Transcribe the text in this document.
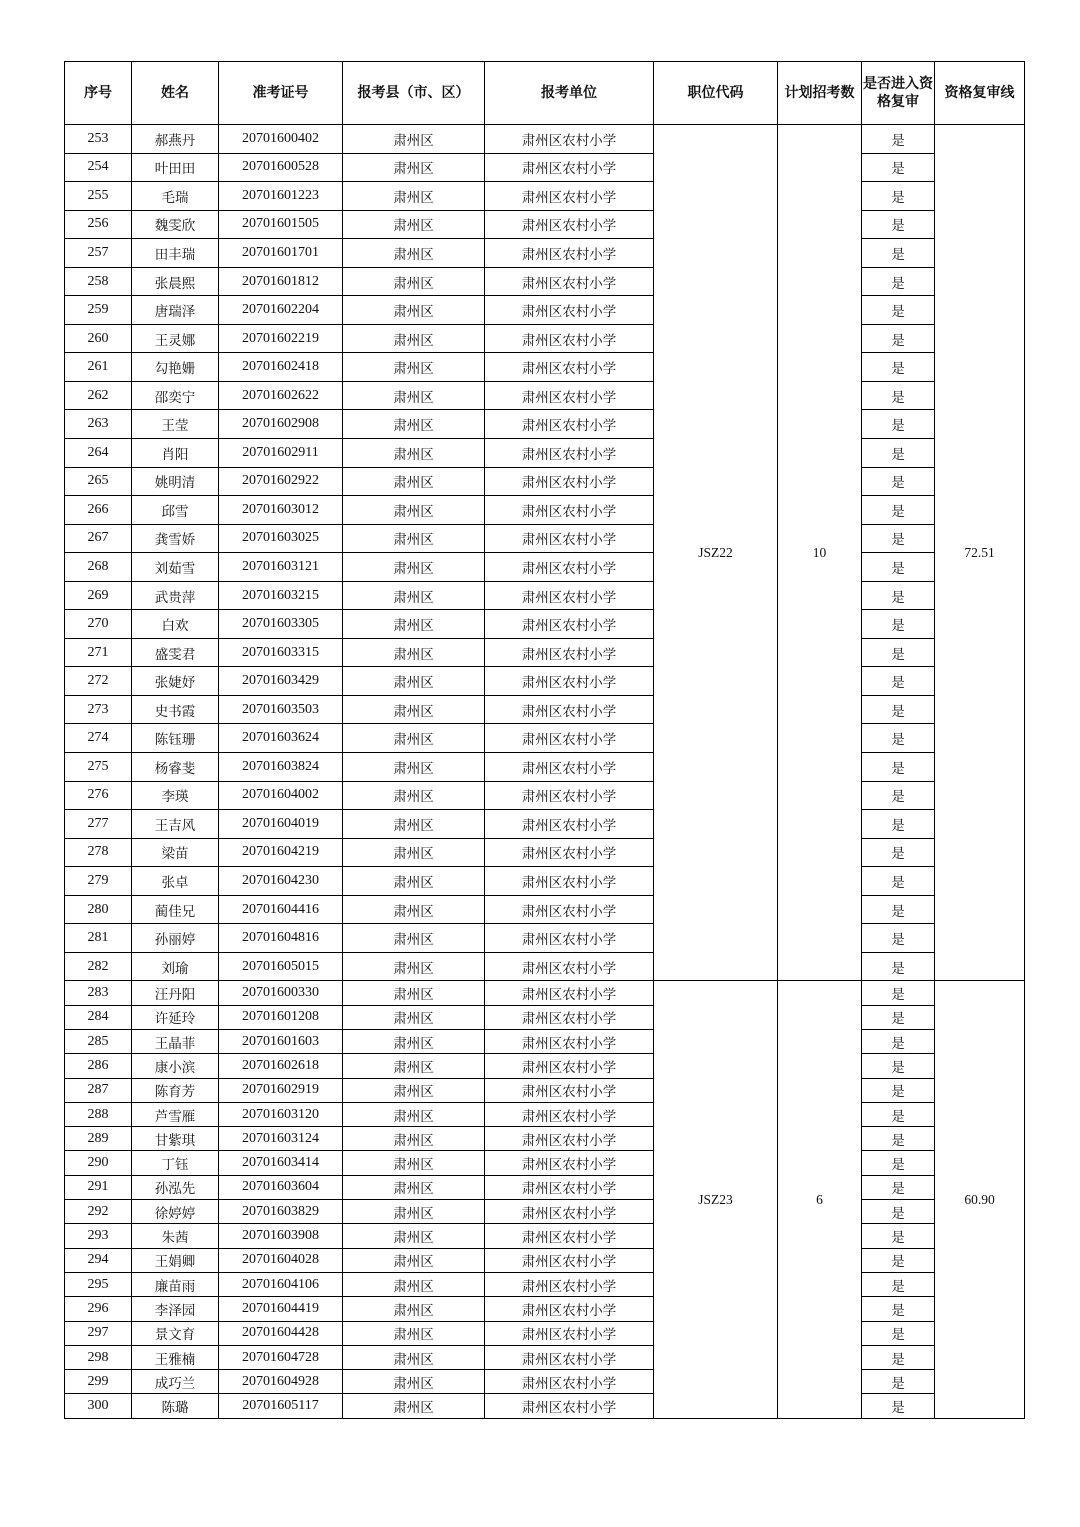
序号	姓名	准考证号	报考县（市、区）	报考单位	职位代码	计划招考数	是否进入资格复审	资格复审线
253	郝燕丹	20701600402	肃州区	肃州区农村小学	JSZ22	10	是	72.51
254	叶田田	20701600528	肃州区	肃州区农村小学			是	
255	毛瑞	20701601223	肃州区	肃州区农村小学			是	
256	魏雯欣	20701601505	肃州区	肃州区农村小学			是	
257	田丰瑞	20701601701	肃州区	肃州区农村小学			是	
258	张晨熙	20701601812	肃州区	肃州区农村小学			是	
259	唐瑞泽	20701602204	肃州区	肃州区农村小学			是	
260	王灵娜	20701602219	肃州区	肃州区农村小学			是	
261	勾艳姗	20701602418	肃州区	肃州区农村小学			是	
262	邵奕宁	20701602622	肃州区	肃州区农村小学			是	
263	王莹	20701602908	肃州区	肃州区农村小学			是	
264	肖阳	20701602911	肃州区	肃州区农村小学			是	
265	姚明清	20701602922	肃州区	肃州区农村小学			是	
266	邱雪	20701603012	肃州区	肃州区农村小学			是	
267	龚雪娇	20701603025	肃州区	肃州区农村小学			是	
268	刘茹雪	20701603121	肃州区	肃州区农村小学			是	
269	武贵萍	20701603215	肃州区	肃州区农村小学			是	
270	白欢	20701603305	肃州区	肃州区农村小学			是	
271	盛雯君	20701603315	肃州区	肃州区农村小学			是	
272	张婕妤	20701603429	肃州区	肃州区农村小学			是	
273	史书霞	20701603503	肃州区	肃州区农村小学			是	
274	陈钰珊	20701603624	肃州区	肃州区农村小学			是	
275	杨睿斐	20701603824	肃州区	肃州区农村小学			是	
276	李瑛	20701604002	肃州区	肃州区农村小学			是	
277	王吉风	20701604019	肃州区	肃州区农村小学			是	
278	梁苗	20701604219	肃州区	肃州区农村小学			是	
279	张卓	20701604230	肃州区	肃州区农村小学			是	
280	蔺佳兄	20701604416	肃州区	肃州区农村小学			是	
281	孙丽婷	20701604816	肃州区	肃州区农村小学			是	
282	刘瑜	20701605015	肃州区	肃州区农村小学			是	
283	汪丹阳	20701600330	肃州区	肃州区农村小学	JSZ23	6	是	60.90
284	许延玲	20701601208	肃州区	肃州区农村小学			是	
285	王晶菲	20701601603	肃州区	肃州区农村小学			是	
286	康小滨	20701602618	肃州区	肃州区农村小学			是	
287	陈育芳	20701602919	肃州区	肃州区农村小学			是	
288	芦雪雁	20701603120	肃州区	肃州区农村小学			是	
289	甘紫琪	20701603124	肃州区	肃州区农村小学			是	
290	丁钰	20701603414	肃州区	肃州区农村小学			是	
291	孙泓先	20701603604	肃州区	肃州区农村小学			是	
292	徐婷婷	20701603829	肃州区	肃州区农村小学			是	
293	朱茜	20701603908	肃州区	肃州区农村小学			是	
294	王娟卿	20701604028	肃州区	肃州区农村小学			是	
295	廉苗雨	20701604106	肃州区	肃州区农村小学			是	
296	李泽园	20701604419	肃州区	肃州区农村小学			是	
297	景文育	20701604428	肃州区	肃州区农村小学			是	
298	王雅楠	20701604728	肃州区	肃州区农村小学			是	
299	成巧兰	20701604928	肃州区	肃州区农村小学			是	
300	陈璐	20701605117	肃州区	肃州区农村小学			是	
